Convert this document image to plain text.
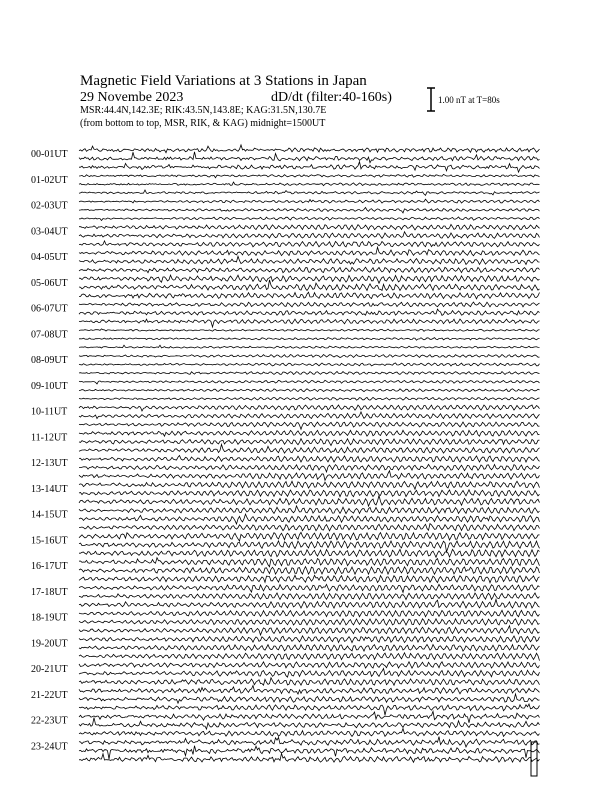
Magnetic Field Variations at 3 Stations in Japan
29 Novembe 2023	dD/dt (filter:40-160s)
MSR:44.4N,142.3E; RIK:43.5N,143.8E; KAG:31.5N,130.7E
(from bottom to top, MSR, RIK, & KAG) midnight=1500UT
1.00 nT at T=80s
00-01UT
01-02UT
02-03UT
03-04UT
04-05UT
05-06UT
06-07UT
07-08UT
08-09UT
09-10UT
10-11UT
11-12UT
12-13UT
13-14UT
14-15UT
15-16UT
16-17UT
17-18UT
18-19UT
19-20UT
20-21UT
21-22UT
22-23UT
23-24UT
